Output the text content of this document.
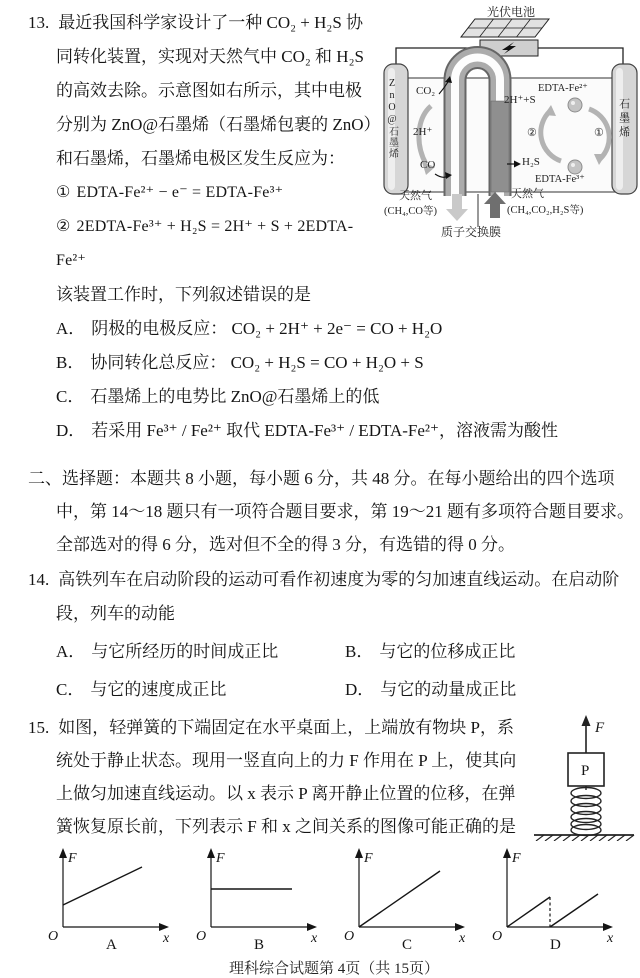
光伏电池
ZnO@石墨烯	石墨烯
CO₂
2H⁺
CO
2H⁺+S
EDTA-Fe²⁺
EDTA-Fe³⁺
H₂S
②	①
天然气
(CH₄,CO等)
天然气
(CH₄,CO₂,H₂S等)
质子交换膜

13. 最近我国科学家设计了一种 CO₂ + H₂S 协同转化装置，实现对天然气中 CO₂ 和 H₂S 的高效去除。示意图如右所示，其中电极分别为 ZnO@石墨烯（石墨烯包裹的 ZnO）和石墨烯，石墨烯电极区发生反应为：

① EDTA-Fe²⁺ − e⁻ = EDTA-Fe³⁺

② 2EDTA-Fe³⁺ + H₂S = 2H⁺ + S + 2EDTA-Fe²⁺

该装置工作时，下列叙述错误的是

A． 阴极的电极反应： CO₂ + 2H⁺ + 2e⁻ = CO + H₂O

B． 协同转化总反应： CO₂ + H₂S = CO + H₂O + S

C． 石墨烯上的电势比 ZnO@石墨烯上的低

D． 若采用 Fe³⁺ / Fe²⁺ 取代 EDTA-Fe³⁺ / EDTA-Fe²⁺，溶液需为酸性

二、选择题：本题共 8 小题，每小题 6 分，共 48 分。在每小题给出的四个选项中，第 14～18 题只有一项符合题目要求，第 19～21 题有多项符合题目要求。全部选对的得 6 分，选对但不全的得 3 分，有选错的得 0 分。

14. 高铁列车在启动阶段的运动可看作初速度为零的匀加速直线运动。在启动阶段，列车的动能

A． 与它所经历的时间成正比	B． 与它的位移成正比
C． 与它的速度成正比	D． 与它的动量成正比
F
P

15. 如图，轻弹簧的下端固定在水平桌面上，上端放有物块 P，系统处于静止状态。现用一竖直向上的力 F 作用在 P 上，使其向上做匀加速直线运动。以 x 表示 P 离开静止位置的位移，在弹簧恢复原长前，下列表示 F 和 x 之间关系的图像可能正确的是

F
x
O
A
F
x
O
B
F
x
O
C
F
x
O
D

理科综合试题第 4页（共 15页）
